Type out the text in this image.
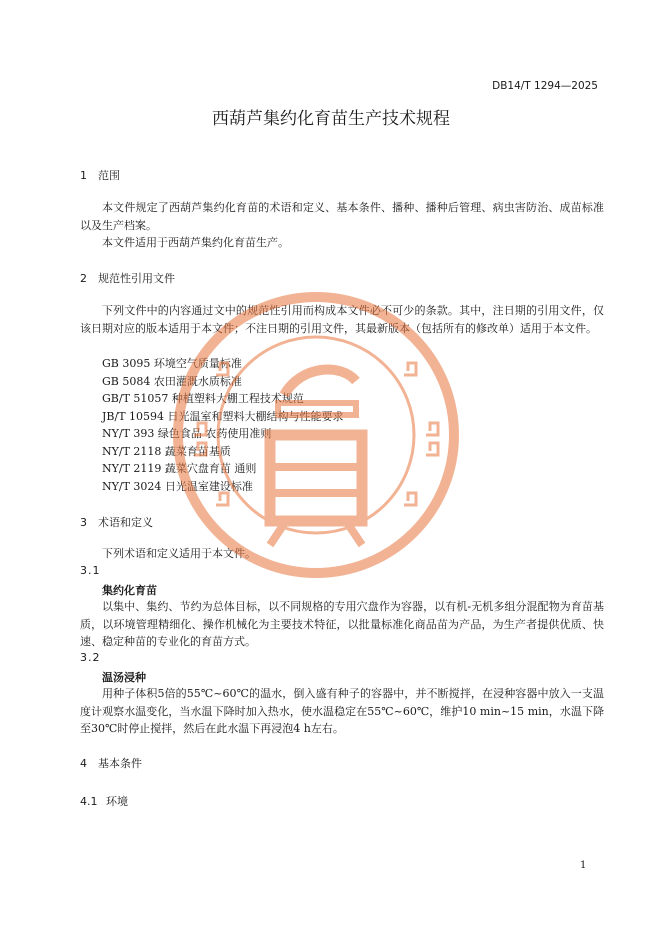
DB14/T 1294—2025
西葫芦集约化育苗生产技术规程
1 范围
本文件规定了西葫芦集约化育苗的术语和定义、基本条件、播种、播种后管理、病虫害防治、成苗标准以及生产档案。
本文件适用于西葫芦集约化育苗生产。
2 规范性引用文件
下列文件中的内容通过文中的规范性引用而构成本文件必不可少的条款。其中，注日期的引用文件，仅该日期对应的版本适用于本文件；不注日期的引用文件，其最新版本（包括所有的修改单）适用于本文件。
GB 3095 环境空气质量标准
GB 5084 农田灌溉水质标准
GB/T 51057 种植塑料大棚工程技术规范
JB/T 10594 日光温室和塑料大棚结构与性能要求
NY/T 393 绿色食品 农药使用准则
NY/T 2118 蔬菜育苗基质
NY/T 2119 蔬菜穴盘育苗 通则
NY/T 3024 日光温室建设标准
3 术语和定义
下列术语和定义适用于本文件。
3.1
集约化育苗
以集中、集约、节约为总体目标，以不同规格的专用穴盘作为容器，以有机-无机多组分混配物为育苗基质，以环境管理精细化、操作机械化为主要技术特征，以批量标准化商品苗为产品，为生产者提供优质、快速、稳定种苗的专业化的育苗方式。
3.2
温汤浸种
用种子体积5倍的55℃~60℃的温水，倒入盛有种子的容器中，并不断搅拌，在浸种容器中放入一支温度计观察水温变化，当水温下降时加入热水，使水温稳定在55℃~60℃，维护10 min~15 min，水温下降至30℃时停止搅拌，然后在此水温下再浸泡4 h左右。
4 基本条件
4.1 环境
1
